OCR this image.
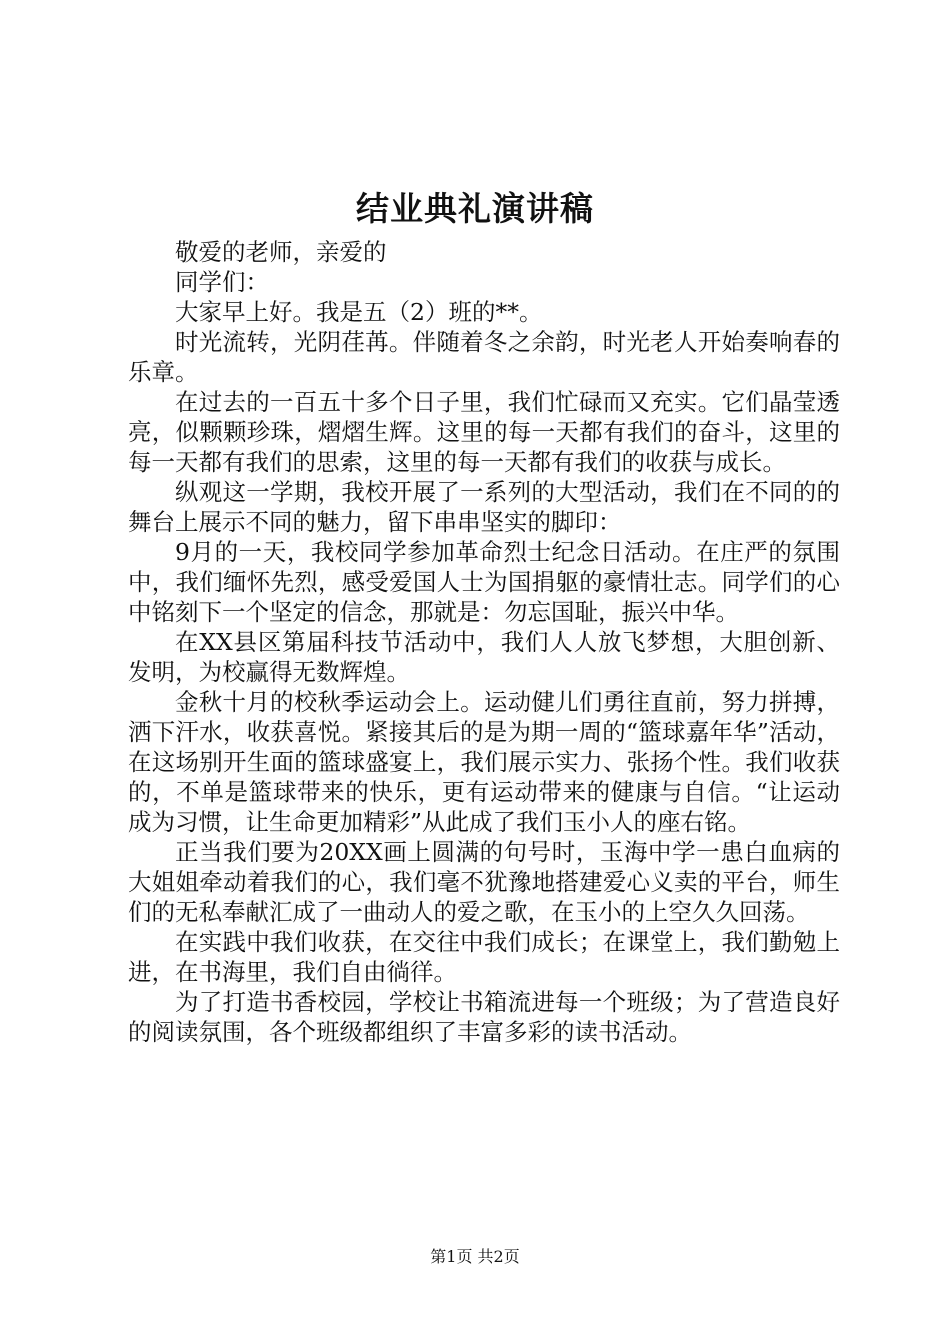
结业典礼演讲稿

敬爱的老师，亲爱的

同学们：

大家早上好。我是五（2）班的**。

时光流转，光阴荏苒。伴随着冬之余韵，时光老人开始奏响春的乐章。

在过去的一百五十多个日子里，我们忙碌而又充实。它们晶莹透亮，似颗颗珍珠，熠熠生辉。这里的每一天都有我们的奋斗，这里的每一天都有我们的思索，这里的每一天都有我们的收获与成长。

纵观这一学期，我校开展了一系列的大型活动，我们在不同的的舞台上展示不同的魅力，留下串串坚实的脚印：

9月的一天，我校同学参加革命烈士纪念日活动。在庄严的氛围中，我们缅怀先烈，感受爱国人士为国捐躯的豪情壮志。同学们的心中铭刻下一个坚定的信念，那就是：勿忘国耻，振兴中华。

在XX县区第届科技节活动中，我们人人放飞梦想，大胆创新、发明，为校赢得无数辉煌。

金秋十月的校秋季运动会上。运动健儿们勇往直前，努力拼搏，洒下汗水，收获喜悦。紧接其后的是为期一周的“篮球嘉年华”活动，在这场别开生面的篮球盛宴上，我们展示实力、张扬个性。我们收获的，不单是篮球带来的快乐，更有运动带来的健康与自信。“让运动成为习惯，让生命更加精彩”从此成了我们玉小人的座右铭。

正当我们要为20XX画上圆满的句号时，玉海中学一患白血病的大姐姐牵动着我们的心，我们毫不犹豫地搭建爱心义卖的平台，师生们的无私奉献汇成了一曲动人的爱之歌，在玉小的上空久久回荡。

在实践中我们收获，在交往中我们成长；在课堂上，我们勤勉上进，在书海里，我们自由徜徉。

为了打造书香校园，学校让书箱流进每一个班级；为了营造良好的阅读氛围，各个班级都组织了丰富多彩的读书活动。

第1页 共2页
